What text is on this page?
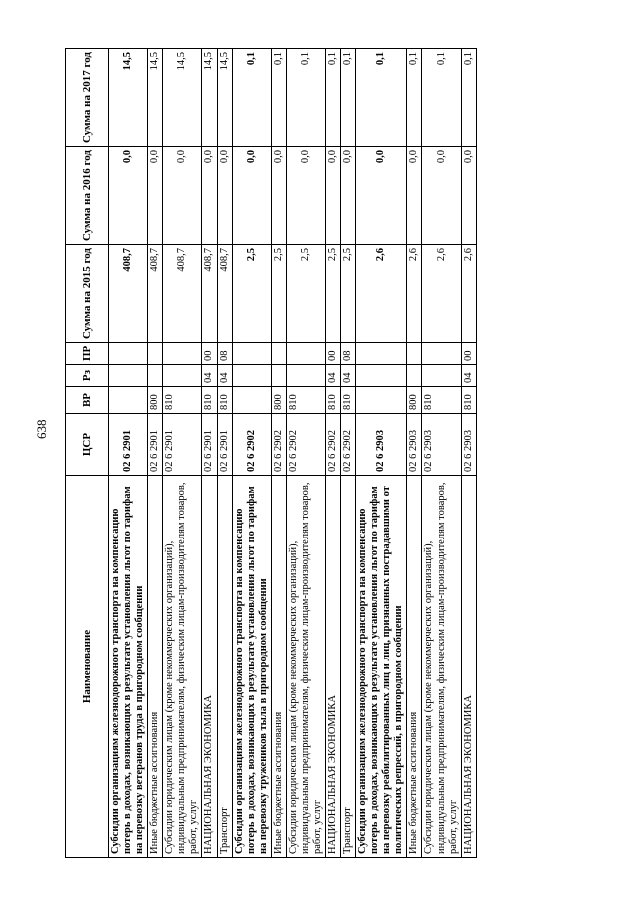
638
Наименование	ЦСР	ВР	Рз	ПР	Сумма на 2015 год	Сумма на 2016 год	Сумма на 2017 год
Субсидии организациям железнодорожного транспорта на компенсацию потерь в доходах, возникающих в результате установления льгот по тарифам на перевозку ветеранов труда в пригородном сообщении	02 6 2901				408,7	0,0	14,5
Иные бюджетные ассигнования	02 6 2901	800			408,7	0,0	14,5
Субсидии юридическим лицам (кроме некоммерческих организаций), индивидуальным предпринимателям, физическим лицам-производителям товаров, работ, услуг	02 6 2901	810			408,7	0,0	14,5
НАЦИОНАЛЬНАЯ ЭКОНОМИКА	02 6 2901	810	04	00	408,7	0,0	14,5
Транспорт	02 6 2901	810	04	08	408,7	0,0	14,5
Субсидии организациям железнодорожного транспорта на компенсацию потерь в доходах, возникающих в результате установления льгот по тарифам на перевозку тружеников тыла в пригородном сообщении	02 6 2902				2,5	0,0	0,1
Иные бюджетные ассигнования	02 6 2902	800			2,5	0,0	0,1
Субсидии юридическим лицам (кроме некоммерческих организаций), индивидуальным предпринимателям, физическим лицам-производителям товаров, работ, услуг	02 6 2902	810			2,5	0,0	0,1
НАЦИОНАЛЬНАЯ ЭКОНОМИКА	02 6 2902	810	04	00	2,5	0,0	0,1
Транспорт	02 6 2902	810	04	08	2,5	0,0	0,1
Субсидии организациям железнодорожного транспорта на компенсацию потерь в доходах, возникающих в результате установления льгот по тарифам на перевозку реабилитированных лиц и лиц, признанных пострадавшими от политических репрессий, в пригородном сообщении	02 6 2903				2,6	0,0	0,1
Иные бюджетные ассигнования	02 6 2903	800			2,6	0,0	0,1
Субсидии юридическим лицам (кроме некоммерческих организаций), индивидуальным предпринимателям, физическим лицам-производителям товаров, работ, услуг	02 6 2903	810			2,6	0,0	0,1
НАЦИОНАЛЬНАЯ ЭКОНОМИКА	02 6 2903	810	04	00	2,6	0,0	0,1
